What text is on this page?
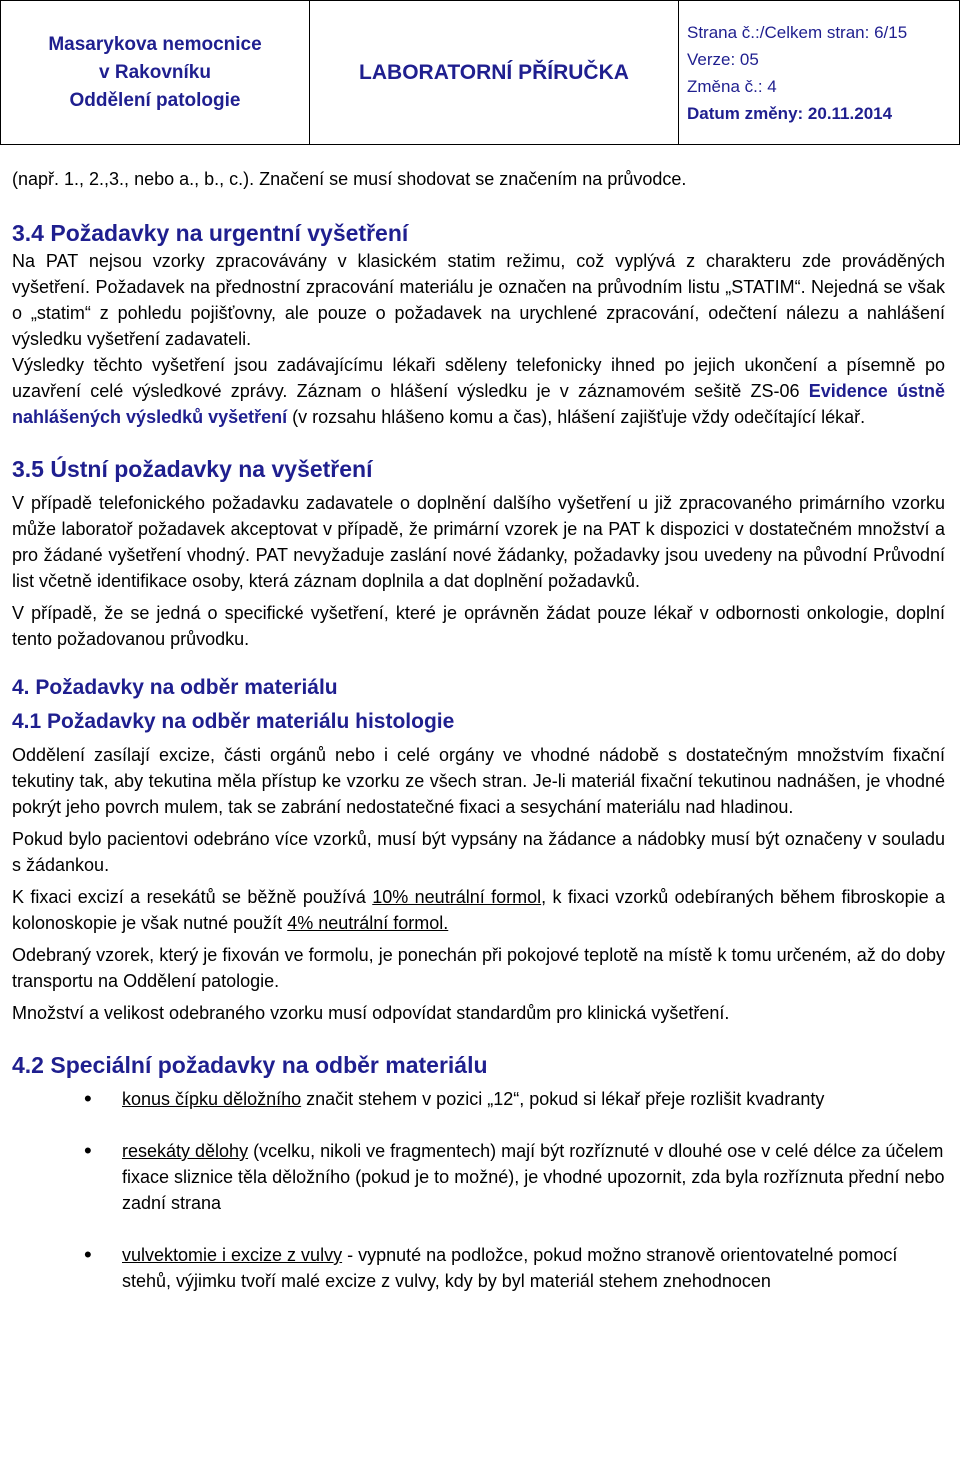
Masarykova nemocnice
v Rakovníku
Oddělení patologie
LABORATORNÍ PŘÍRUČKA
Strana č.:/Celkem stran: 6/15
Verze: 05
Změna č.: 4
Datum změny: 20.11.2014

(např. 1., 2.,3., nebo a., b., c.). Značení se musí shodovat se značením na průvodce.

3.4 Požadavky na urgentní vyšetření

Na PAT nejsou vzorky zpracovávány v klasickém statim režimu, což vyplývá z charakteru zde prováděných vyšetření. Požadavek na přednostní zpracování materiálu je označen na průvodním listu „STATIM“. Nejedná se však o „statim“ z pohledu pojišťovny, ale pouze o požadavek na urychlené zpracování, odečtení nálezu a nahlášení výsledku vyšetření zadavateli.

Výsledky těchto vyšetření jsou zadávajícímu lékaři sděleny telefonicky ihned po jejich ukončení a písemně po uzavření celé výsledkové zprávy. Záznam o hlášení výsledku je v záznamovém sešitě ZS-06 Evidence ústně nahlášených výsledků vyšetření (v rozsahu hlášeno komu a čas), hlášení zajišťuje vždy odečítající lékař.

3.5 Ústní požadavky na vyšetření

V případě telefonického požadavku zadavatele o doplnění dalšího vyšetření u již zpracovaného primárního vzorku může laboratoř požadavek akceptovat v případě, že primární vzorek je na PAT k dispozici v dostatečném množství a pro žádané vyšetření vhodný. PAT nevyžaduje zaslání nové žádanky, požadavky jsou uvedeny na původní Průvodní list včetně identifikace osoby, která záznam doplnila a dat doplnění požadavků.

V případě, že se jedná o specifické vyšetření, které je oprávněn žádat pouze lékař v odbornosti onkologie, doplní tento požadovanou průvodku.

4. Požadavky na odběr materiálu
4.1 Požadavky na odběr materiálu histologie

Oddělení zasílají excize, části orgánů nebo i celé orgány ve vhodné nádobě s dostatečným množstvím fixační tekutiny tak, aby tekutina měla přístup ke vzorku ze všech stran. Je-li materiál fixační tekutinou nadnášen, je vhodné pokrýt jeho povrch mulem, tak se zabrání nedostatečné fixaci a sesychání materiálu nad hladinou.

Pokud bylo pacientovi odebráno více vzorků, musí být vypsány na žádance a nádobky musí být označeny v souladu s žádankou.

K fixaci excizí a resekátů se běžně používá 10% neutrální formol, k fixaci vzorků odebíraných během fibroskopie a kolonoskopie je však nutné použít 4% neutrální formol.

Odebraný vzorek, který je fixován ve formolu, je ponechán při pokojové teplotě na místě k tomu určeném, až do doby transportu na Oddělení patologie.

Množství a velikost odebraného vzorku musí odpovídat standardům pro klinická vyšetření.

4.2 Speciální požadavky na odběr materiálu
• konus čípku děložního značit stehem v pozici „12“, pokud si lékař přeje rozlišit kvadranty
• resekáty dělohy (vcelku, nikoli ve fragmentech) mají být rozříznuté v dlouhé ose v celé délce za účelem fixace sliznice těla děložního (pokud je to možné), je vhodné upozornit, zda byla rozříznuta přední nebo zadní strana
• vulvektomie i excize z vulvy - vypnuté na podložce, pokud možno stranově orientovatelné pomocí stehů, výjimku tvoří malé excize z vulvy, kdy by byl materiál stehem znehodnocen
